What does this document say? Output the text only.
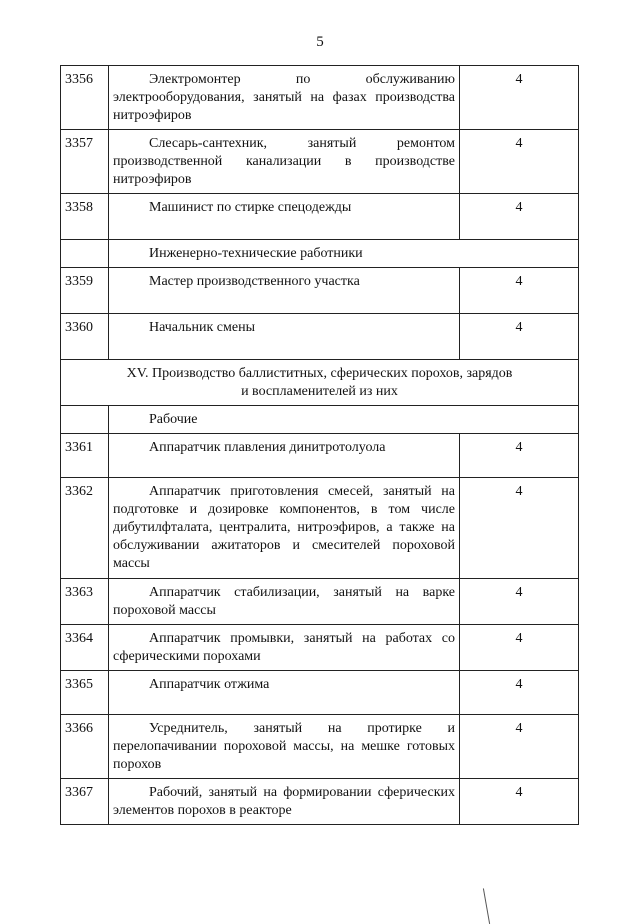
5
3356	Электромонтер по обслуживанию электрооборудования, занятый на фазах производства нитроэфиров	4
3357	Слесарь-сантехник, занятый ремонтом производственной канализации в производстве нитроэфиров	4
3358	Машинист по стирке спецодежды	4
	Инженерно-технические работники	
3359	Мастер производственного участка	4
3360	Начальник смены	4

XV. Производство баллиститных, сферических порохов, зарядов
и воспламенителей из них		

	Рабочие	
3361	Аппаратчик плавления динитротолуола	4
3362	Аппаратчик приготовления смесей, занятый на подготовке и дозировке компонентов, в том числе дибутилфталата, централита, нитроэфиров, а также на обслуживании ажитаторов и смесителей пороховой массы	4
3363	Аппаратчик стабилизации, занятый на варке пороховой массы	4
3364	Аппаратчик промывки, занятый на работах со сферическими порохами	4
3365	Аппаратчик отжима	4
3366	Усреднитель, занятый на протирке и перелопачивании пороховой массы, на мешке готовых порохов	4
3367	Рабочий, занятый на формировании сферических элементов порохов в реакторе	4
